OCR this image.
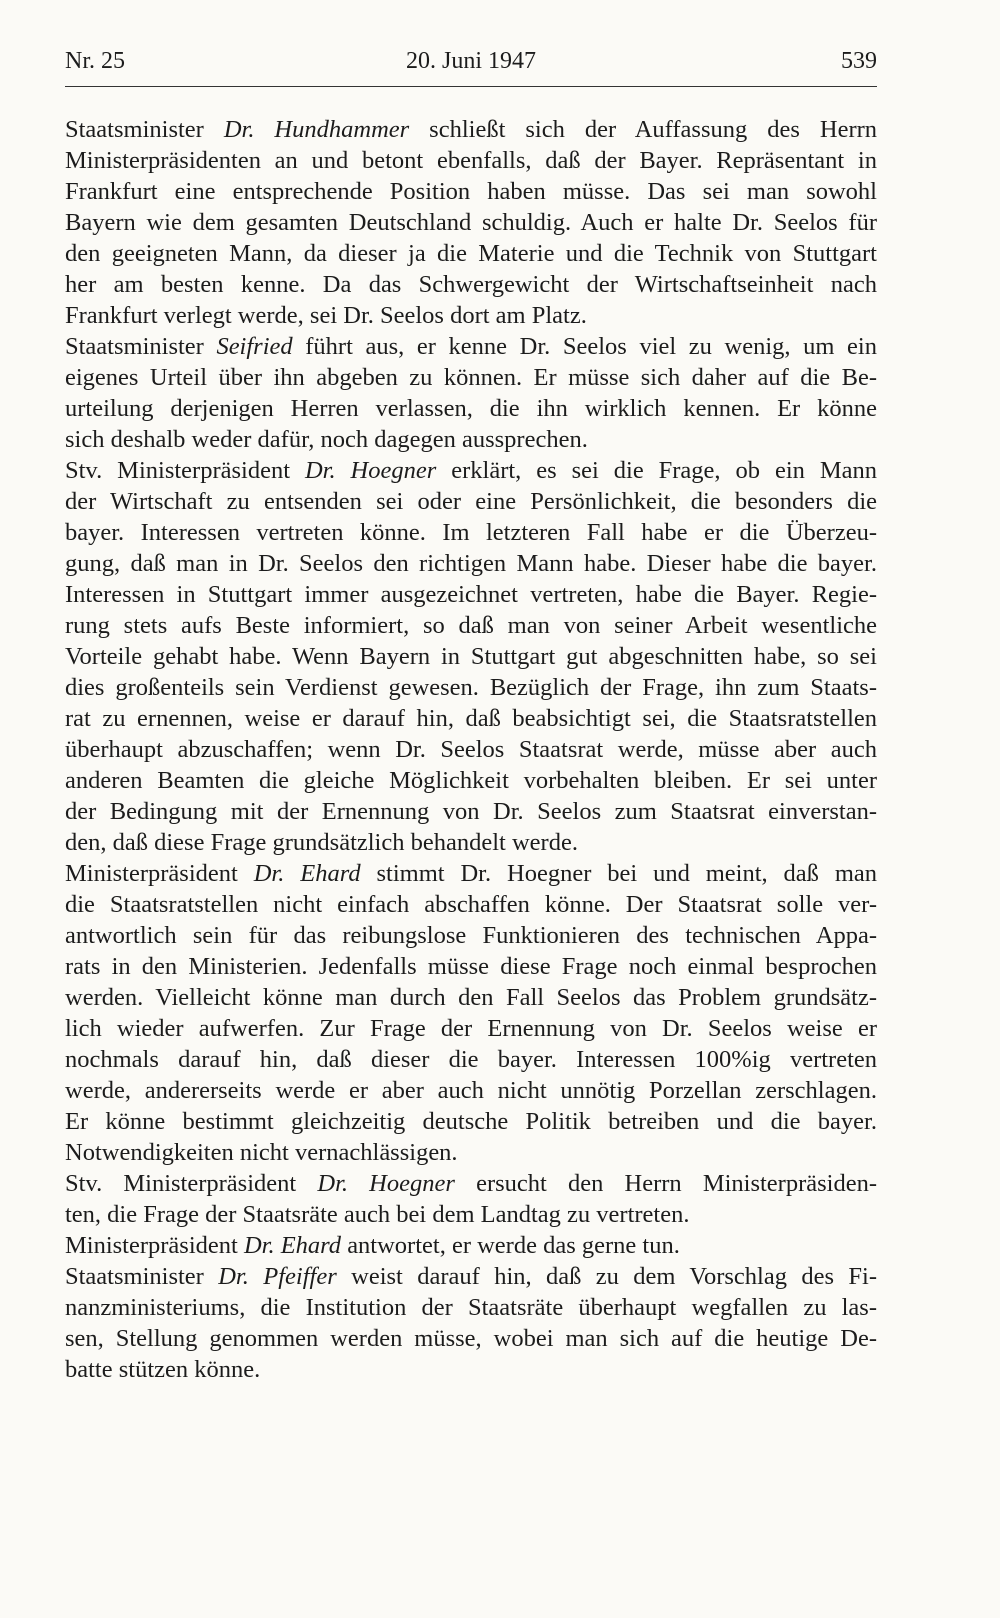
Nr. 25	20. Juni 1947	539
Staatsminister Dr. Hundhammer schließt sich der Auffassung des Herrn
Ministerpräsidenten an und betont ebenfalls, daß der Bayer. Repräsentant in
Frankfurt eine entsprechende Position haben müsse. Das sei man sowohl
Bayern wie dem gesamten Deutschland schuldig. Auch er halte Dr. Seelos für
den geeigneten Mann, da dieser ja die Materie und die Technik von Stuttgart
her am besten kenne. Da das Schwergewicht der Wirtschaftseinheit nach
Frankfurt verlegt werde, sei Dr. Seelos dort am Platz.
Staatsminister Seifried führt aus, er kenne Dr. Seelos viel zu wenig, um ein
eigenes Urteil über ihn abgeben zu können. Er müsse sich daher auf die Be-
urteilung derjenigen Herren verlassen, die ihn wirklich kennen. Er könne
sich deshalb weder dafür, noch dagegen aussprechen.
Stv. Ministerpräsident Dr. Hoegner erklärt, es sei die Frage, ob ein Mann
der Wirtschaft zu entsenden sei oder eine Persönlichkeit, die besonders die
bayer. Interessen vertreten könne. Im letzteren Fall habe er die Überzeu-
gung, daß man in Dr. Seelos den richtigen Mann habe. Dieser habe die bayer.
Interessen in Stuttgart immer ausgezeichnet vertreten, habe die Bayer. Regie-
rung stets aufs Beste informiert, so daß man von seiner Arbeit wesentliche
Vorteile gehabt habe. Wenn Bayern in Stuttgart gut abgeschnitten habe, so sei
dies großenteils sein Verdienst gewesen. Bezüglich der Frage, ihn zum Staats-
rat zu ernennen, weise er darauf hin, daß beabsichtigt sei, die Staatsratstellen
überhaupt abzuschaffen; wenn Dr. Seelos Staatsrat werde, müsse aber auch
anderen Beamten die gleiche Möglichkeit vorbehalten bleiben. Er sei unter
der Bedingung mit der Ernennung von Dr. Seelos zum Staatsrat einverstan-
den, daß diese Frage grundsätzlich behandelt werde.
Ministerpräsident Dr. Ehard stimmt Dr. Hoegner bei und meint, daß man
die Staatsratstellen nicht einfach abschaffen könne. Der Staatsrat solle ver-
antwortlich sein für das reibungslose Funktionieren des technischen Appa-
rats in den Ministerien. Jedenfalls müsse diese Frage noch einmal besprochen
werden. Vielleicht könne man durch den Fall Seelos das Problem grundsätz-
lich wieder aufwerfen. Zur Frage der Ernennung von Dr. Seelos weise er
nochmals darauf hin, daß dieser die bayer. Interessen 100%ig vertreten
werde, andererseits werde er aber auch nicht unnötig Porzellan zerschlagen.
Er könne bestimmt gleichzeitig deutsche Politik betreiben und die bayer.
Notwendigkeiten nicht vernachlässigen.
Stv. Ministerpräsident Dr. Hoegner ersucht den Herrn Ministerpräsiden-
ten, die Frage der Staatsräte auch bei dem Landtag zu vertreten.
Ministerpräsident Dr. Ehard antwortet, er werde das gerne tun.
Staatsminister Dr. Pfeiffer weist darauf hin, daß zu dem Vorschlag des Fi-
nanzministeriums, die Institution der Staatsräte überhaupt wegfallen zu las-
sen, Stellung genommen werden müsse, wobei man sich auf die heutige De-
batte stützen könne.
